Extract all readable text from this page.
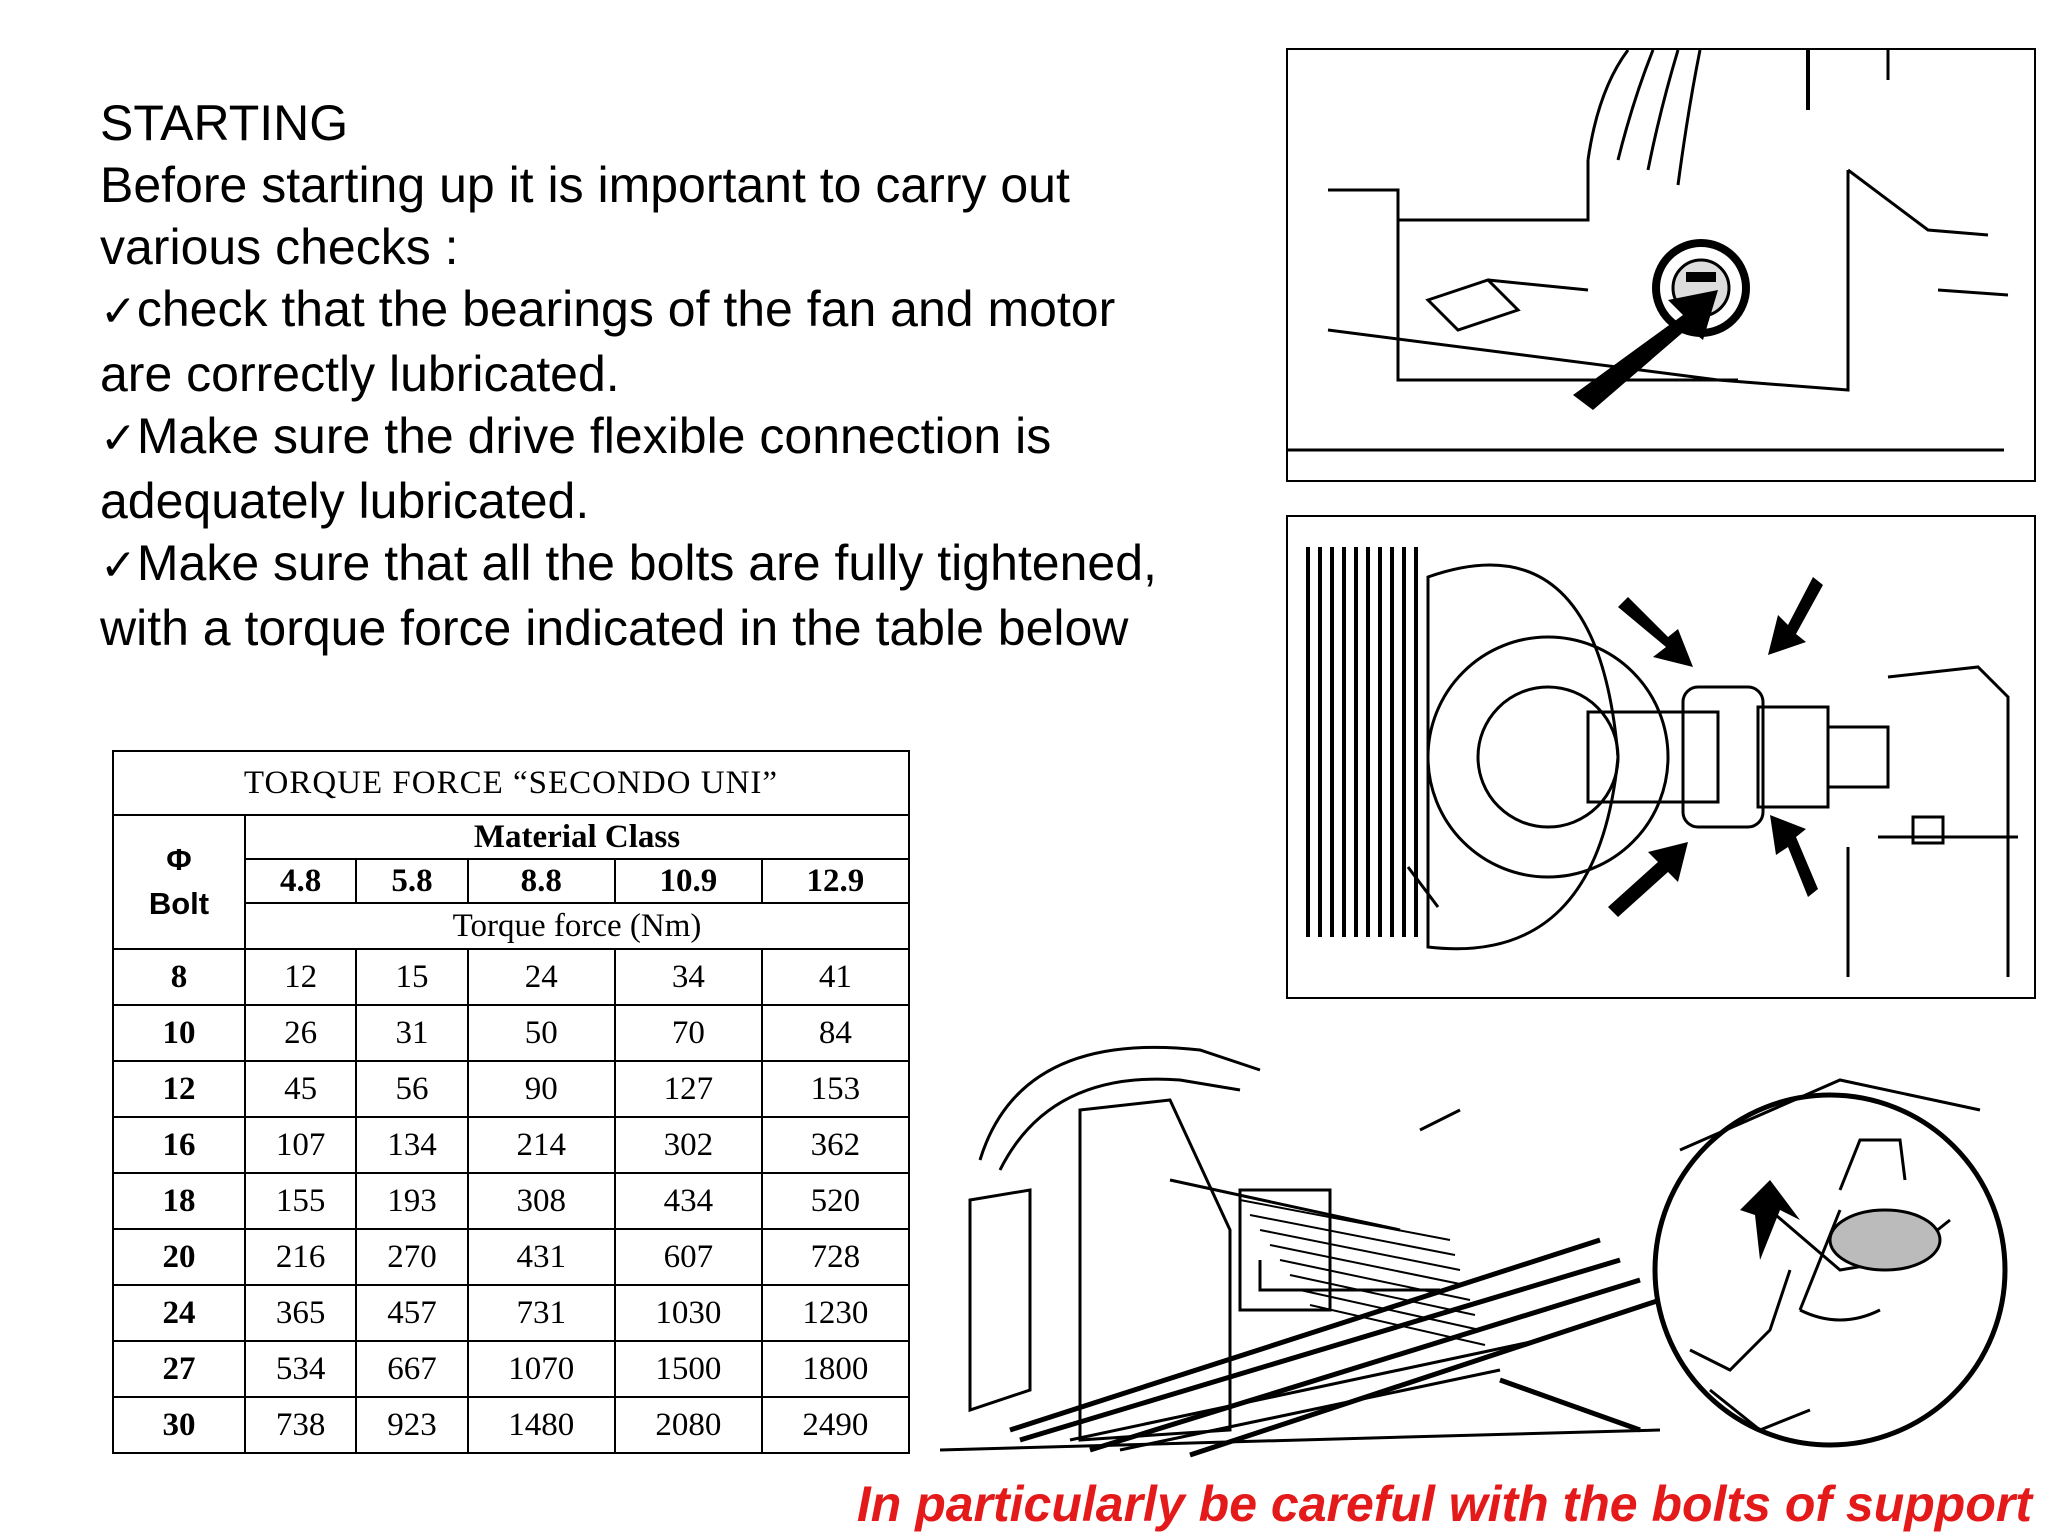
STARTING
Before starting up it is important to carry out
various checks :
✓check that the bearings of the fan and motor
are correctly lubricated.
✓Make sure the drive flexible connection is
adequately lubricated.
✓Make sure that all the bolts are fully tightened,
with a torque force indicated in the table below
TORQUE FORCE “SECONDO UNI”					

Φ
Bolt	Material Class				
	4.8	5.8	8.8	10.9	12.9
	Torque force (Nm)				
8	12	15	24	34	41
10	26	31	50	70	84
12	45	56	90	127	153
16	107	134	214	302	362
18	155	193	308	434	520
20	216	270	431	607	728
24	365	457	731	1030	1230
27	534	667	1070	1500	1800
30	738	923	1480	2080	2490
In particularly be careful with the bolts of support
